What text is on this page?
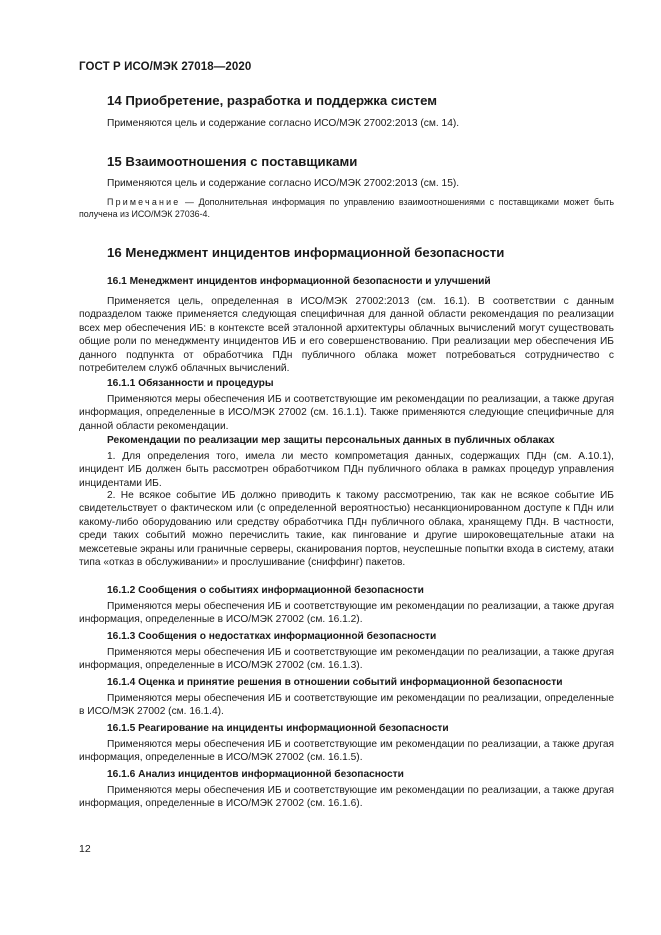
ГОСТ Р ИСО/МЭК 27018—2020
14 Приобретение, разработка и поддержка систем
Применяются цель и содержание согласно ИСО/МЭК 27002:2013 (см. 14).
15 Взаимоотношения с поставщиками
Применяются цель и содержание согласно ИСО/МЭК 27002:2013 (см. 15).
Примечание — Дополнительная информация по управлению взаимоотношениями с поставщиками может быть получена из ИСО/МЭК 27036-4.
16 Менеджмент инцидентов информационной безопасности
16.1 Менеджмент инцидентов информационной безопасности и улучшений
Применяется цель, определенная в ИСО/МЭК 27002:2013 (см. 16.1). В соответствии с данным подразделом также применяется следующая специфичная для данной области рекомендация по реализации всех мер обеспечения ИБ: в контексте всей эталонной архитектуры облачных вычислений могут существовать общие роли по менеджменту инцидентов ИБ и его совершенствованию. При реализации мер обеспечения ИБ данного подпункта от обработчика ПДн публичного облака может потребоваться сотрудничество с потребителем служб облачных вычислений.
16.1.1 Обязанности и процедуры
Применяются меры обеспечения ИБ и соответствующие им рекомендации по реализации, а также другая информация, определенные в ИСО/МЭК 27002 (см. 16.1.1). Также применяются следующие специфичные для данной области рекомендации.
Рекомендации по реализации мер защиты персональных данных в публичных облаках
1. Для определения того, имела ли место компрометация данных, содержащих ПДн (см. А.10.1), инцидент ИБ должен быть рассмотрен обработчиком ПДн публичного облака в рамках процедур управления инцидентами ИБ.
2. Не всякое событие ИБ должно приводить к такому рассмотрению, так как не всякое событие ИБ свидетельствует о фактическом или (с определенной вероятностью) несанкционированном доступе к ПДн или какому-либо оборудованию или средству обработчика ПДн публичного облака, хранящему ПДн. В частности, среди таких событий можно перечислить такие, как пингование и другие широковещательные атаки на межсетевые экраны или граничные серверы, сканирования портов, неуспешные попытки входа в систему, атаки типа «отказ в обслуживании» и прослушивание (сниффинг) пакетов.
16.1.2 Сообщения о событиях информационной безопасности
Применяются меры обеспечения ИБ и соответствующие им рекомендации по реализации, а также другая информация, определенные в ИСО/МЭК 27002 (см. 16.1.2).
16.1.3 Сообщения о недостатках информационной безопасности
Применяются меры обеспечения ИБ и соответствующие им рекомендации по реализации, а также другая информация, определенные в ИСО/МЭК 27002 (см. 16.1.3).
16.1.4 Оценка и принятие решения в отношении событий информационной безопасности
Применяются меры обеспечения ИБ и соответствующие им рекомендации по реализации, определенные в ИСО/МЭК 27002 (см. 16.1.4).
16.1.5 Реагирование на инциденты информационной безопасности
Применяются меры обеспечения ИБ и соответствующие им рекомендации по реализации, а также другая информация, определенные в ИСО/МЭК 27002 (см. 16.1.5).
16.1.6 Анализ инцидентов информационной безопасности
Применяются меры обеспечения ИБ и соответствующие им рекомендации по реализации, а также другая информация, определенные в ИСО/МЭК 27002 (см. 16.1.6).
12
